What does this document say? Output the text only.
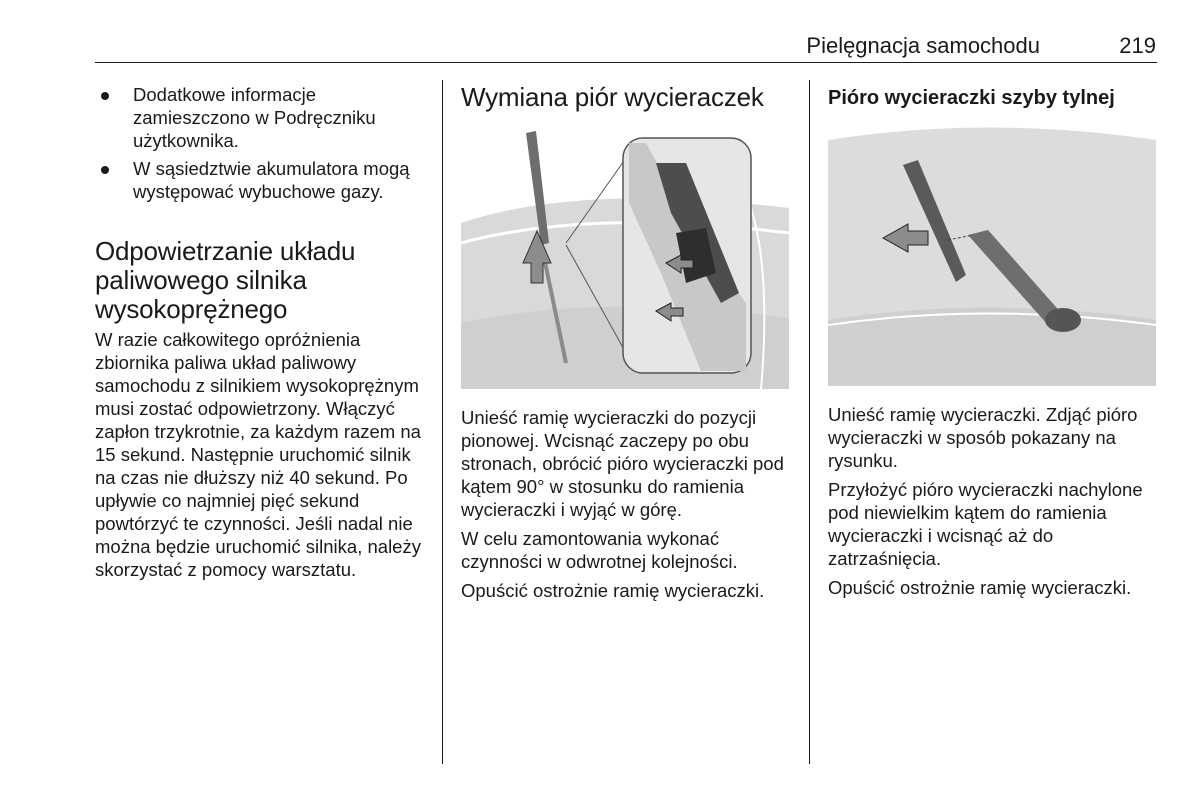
Pielęgnacja samochodu	219
Dodatkowe informacje zamieszczono w Podręczniku użytkownika.
W sąsiedztwie akumulatora mogą występować wybuchowe gazy.
Odpowietrzanie układu paliwowego silnika wysokoprężnego

W razie całkowitego opróżnienia zbiornika paliwa układ paliwowy samochodu z silnikiem wysokoprężnym musi zostać odpowietrzony. Włączyć zapłon trzykrotnie, za każdym razem na 15 sekund. Następnie uruchomić silnik na czas nie dłuższy niż 40 sekund. Po upływie co najmniej pięć sekund powtórzyć te czynności. Jeśli nadal nie można będzie uruchomić silnika, należy skorzystać z pomocy warsztatu.

Wymiana piór wycieraczek

Unieść ramię wycieraczki do pozycji pionowej. Wcisnąć zaczepy po obu stronach, obrócić pióro wycieraczki pod kątem 90° w stosunku do ramienia wycieraczki i wyjąć w górę.

W celu zamontowania wykonać czynności w odwrotnej kolejności.

Opuścić ostrożnie ramię wycieraczki.

Pióro wycieraczki szyby tylnej

Unieść ramię wycieraczki. Zdjąć pióro wycieraczki w sposób pokazany na rysunku.

Przyłożyć pióro wycieraczki nachylone pod niewielkim kątem do ramienia wycieraczki i wcisnąć aż do zatrzaśnięcia.

Opuścić ostrożnie ramię wycieraczki.
